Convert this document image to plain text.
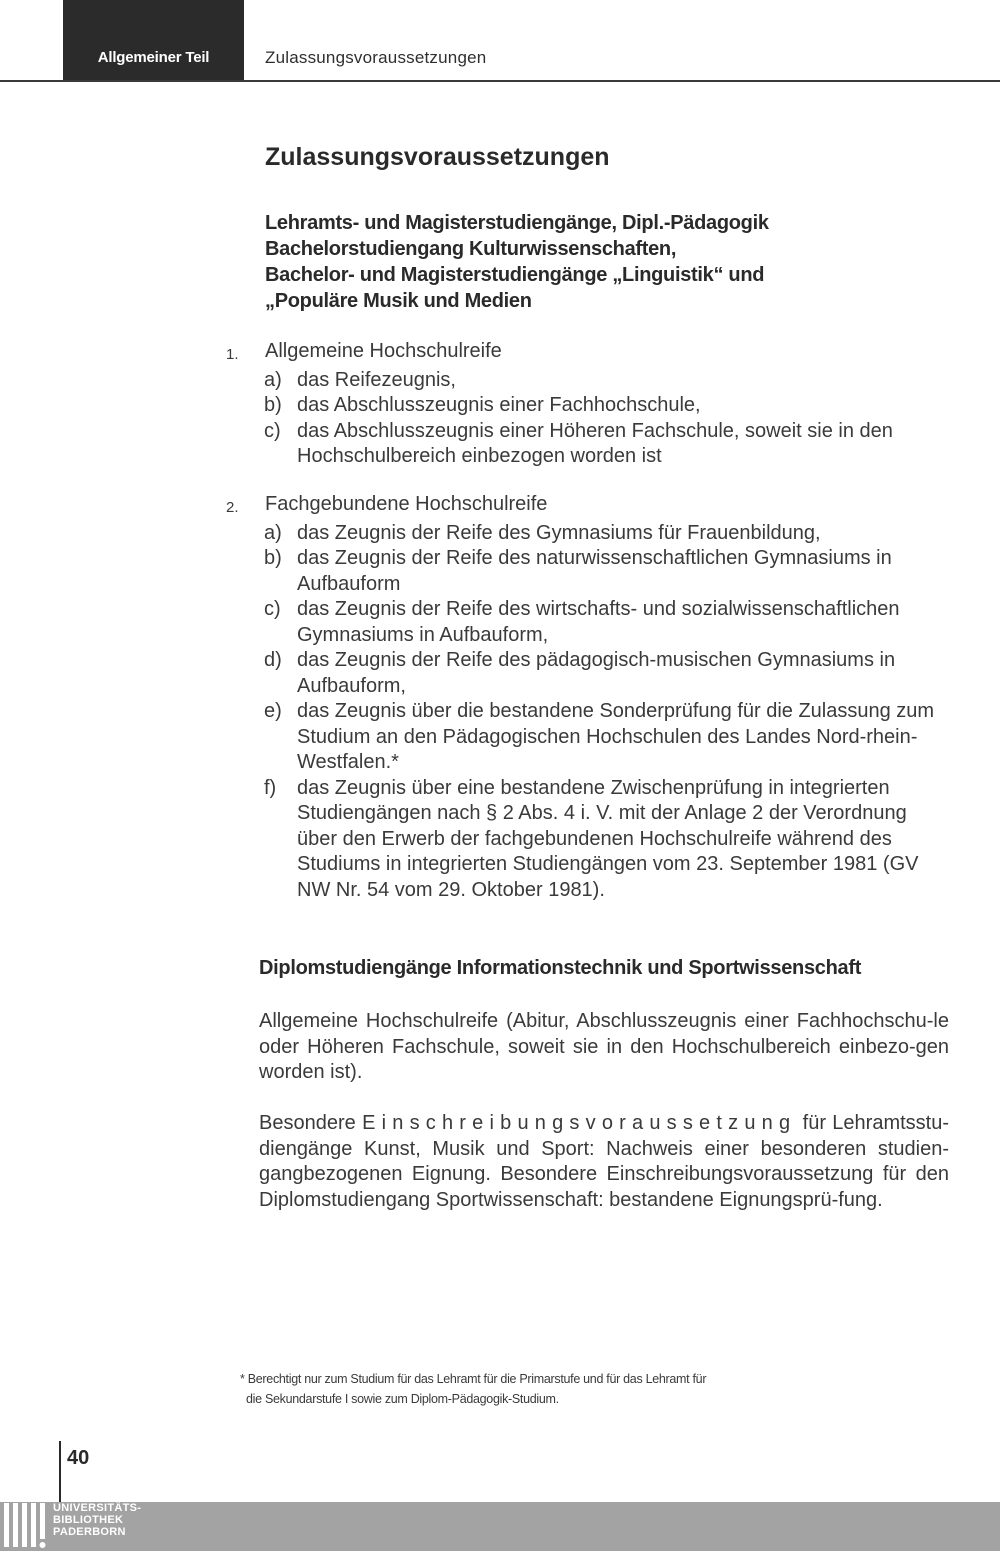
Allgemeiner Teil	Zulassungsvoraussetzungen
Zulassungsvoraussetzungen
Lehramts- und Magisterstudiengänge, Dipl.-Pädagogik
Bachelorstudiengang Kulturwissenschaften,
Bachelor- und Magisterstudiengänge „Linguistik“ und
„Populäre Musik und Medien
1.	Allgemeine Hochschulreife
a) das Reifezeugnis,
b) das Abschlusszeugnis einer Fachhochschule,
c) das Abschlusszeugnis einer Höheren Fachschule, soweit sie in den Hochschulbereich einbezogen worden ist
2.	Fachgebundene Hochschulreife
a) das Zeugnis der Reife des Gymnasiums für Frauenbildung,
b) das Zeugnis der Reife des naturwissenschaftlichen Gymnasiums in Aufbauform
c) das Zeugnis der Reife des wirtschafts- und sozialwissenschaftlichen Gymnasiums in Aufbauform,
d) das Zeugnis der Reife des pädagogisch-musischen Gymnasiums in Aufbauform,
e) das Zeugnis über die bestandene Sonderprüfung für die Zulassung zum Studium an den Pädagogischen Hochschulen des Landes Nord-rhein-Westfalen.*
f)	das Zeugnis über eine bestandene Zwischenprüfung in integrierten Studiengängen nach § 2 Abs. 4 i. V. mit der Anlage 2 der Verordnung über den Erwerb der fachgebundenen Hochschulreife während des Studiums in integrierten Studiengängen vom 23. September 1981 (GV NW Nr. 54 vom 29. Oktober 1981).
Diplomstudiengänge Informationstechnik und Sportwissenschaft
Allgemeine Hochschulreife (Abitur, Abschlusszeugnis einer Fachhochschu-le oder Höheren Fachschule, soweit sie in den Hochschulbereich einbezo-gen worden ist).
Besondere Einschreibungsvoraussetzung für Lehramtsstu-diengänge Kunst, Musik und Sport: Nachweis einer besonderen studien-gangbezogenen Eignung. Besondere Einschreibungsvoraussetzung für den Diplomstudiengang Sportwissenschaft: bestandene Eignungsprü-fung.
* Berechtigt nur zum Studium für das Lehramt für die Primarstufe und für das Lehramt für
die Sekundarstufe I sowie zum Diplom-Pädagogik-Studium.
40
UNIVERSITÄTS-
BIBLIOTHEK
PADERBORN
